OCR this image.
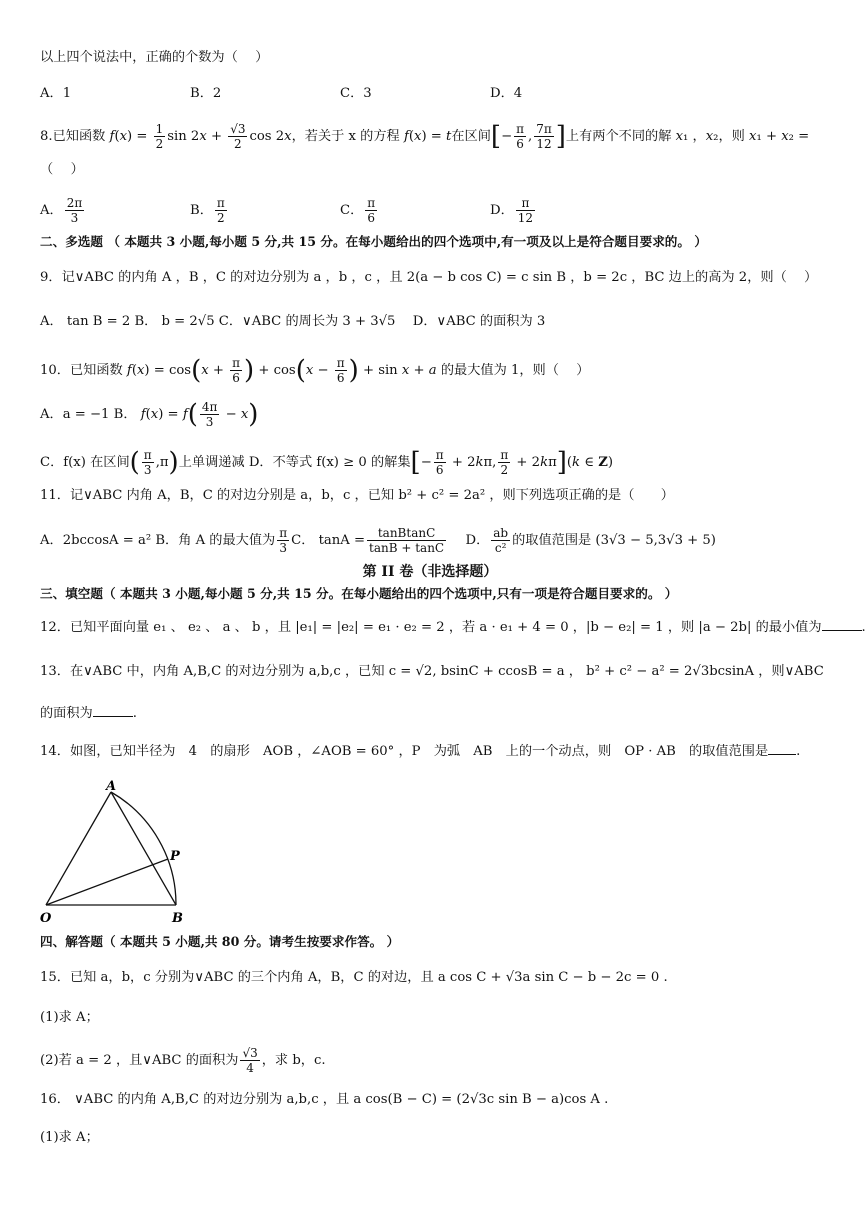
以上四个说法中，正确的个数为（　 ）
A．1	B．2	C．3	D．4
8.已知函数 $f(x) = \frac{1}{2}$ $\sin 2x + \frac{√3}{2}$ cos 2x，若关于 x 的方程 f(x) = t在区间[− $\frac{\pi}{6}$ , $\frac{7\pi}{12}$ ]上有两个不同的解 x₁ ，x₂，则 x₁ + x₂ =
（　 ）
A． $\frac{2\pi}{3}$	B． $\frac{\pi}{2}$	C． $\frac{\pi}{6}$	D． $\frac{\pi}{12}$
二、多选题 （ 本题共 3 小题,每小题 5 分,共 15 分。在每小题给出的四个选项中,有一项及以上是符合题目要求的。 ）
9．记∨ABC 的内角 A ，B ，C 的对边分别为 a ，b ，c ，且 2(a − b cos C) = c sin B ，b = 2c ，BC 边上的高为 2，则（　 ）
A． tan B = 2 B． b = 2√5 C．∨ABC 的周长为 3 + 3√5　 D．∨ABC 的面积为 3
10．已知函数 $f(x) = \cos(x + \frac{\pi}{6}$ ) + $\cos(x - \frac{\pi}{6}$ ) + sin x + a 的最大值为 1，则（　 ）
A．a = −1 B． $f(x) = f( \frac{4\pi}{3} - x)$
C．f(x) 在区间( $\frac{\pi}{3} ,\pi$)上单调递减 D．不等式 f(x) ≥ 0 的解集[− $\frac{\pi}{6} + 2k\pi$, $\frac{\pi}{2} + 2k\pi](k$ ∈ Z)
11．记∨ABC 内角 A，B，C 的对边分别是 a，b，c ，已知 b² + c² = 2a² ，则下列选项正确的是（　　）
A．2bccosA = a² B．角 A 的最大值为 $\frac{\pi}{3}$ C． $\tan A = \frac{\text{tanBtanC}}{\tan B + \tan C}$
　 D． $\frac{ab}{\text{c²}}$ 的取值范围是 (3√3 − 5,3√3 + 5)
第 II 卷（非选择题）
三、填空题（ 本题共 3 小题,每小题 5 分,共 15 分。在每小题给出的四个选项中,只有一项是符合题目要求的。 ）
12．已知平面向量 e₁ 、 e₂ 、 a 、 b ，且 |e₁| = |e₂| = e₁ · e₂ = 2 ，若 a · e₁ + 4 = 0 ，|b − e₂| = 1 ，则 |a − 2b| 的最小值为	.
13．在∨ABC 中，内角 A,B,C 的对边分别为 a,b,c ，已知 c = √2, bsinC + ccosB = a ， b² + c² − a² = 2√3bcsinA ，则∨ABC
的面积为	.
14．如图，已知半径为　4　的扇形　AOB ，∠AOB = 60° ，P　为弧　AB　上的一个动点，则　OP · AB　的取值范围是 .
A
P
O	B
四、解答题（ 本题共 5 小题,共 80 分。请考生按要求作答。 ）
15．已知 a，b，c 分别为∨ABC 的三个内角 A，B，C 的对边，且 a cos C + √3a sin C − b − 2c = 0 .
(1)求 A；
(2)若 a = 2 ，且∨ABC 的面积为 $\frac{√3}{4}$ ，求 b，c.
16． ∨ABC 的内角 A,B,C 的对边分别为 a,b,c ，且 a cos(B − C) = (2√3c sin B − a)cos A .
(1)求 A；
